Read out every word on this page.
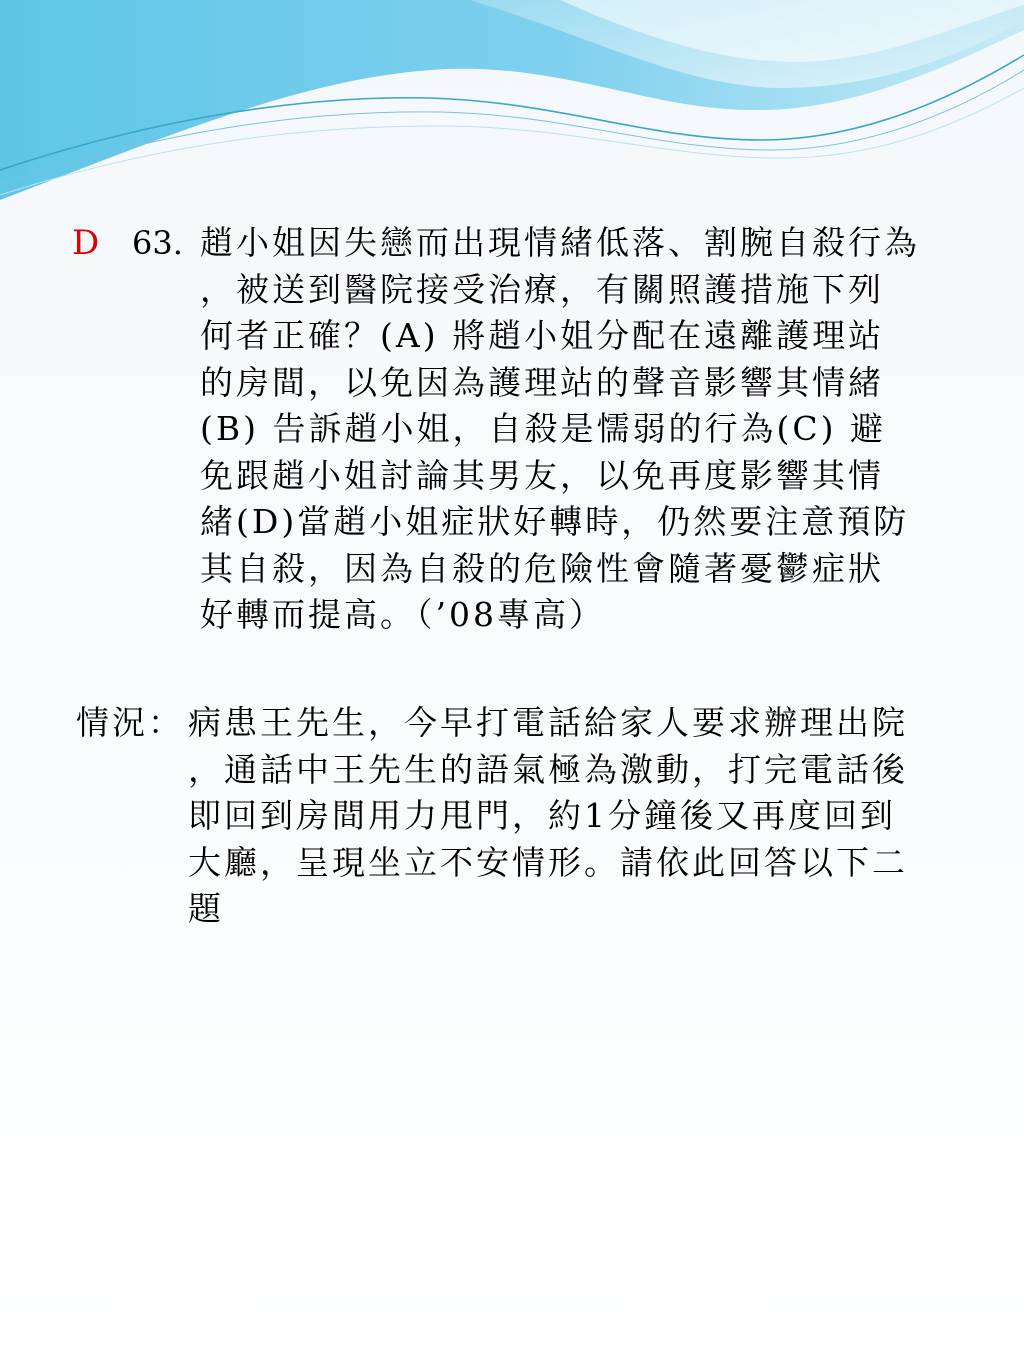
D 63. 趙小姐因失戀而出現情緒低落、割腕自殺行為
，被送到醫院接受治療，有關照護措施下列
何者正確？(A) 將趙小姐分配在遠離護理站
的房間，以免因為護理站的聲音影響其情緒
(B) 告訴趙小姐，自殺是懦弱的行為(C) 避
免跟趙小姐討論其男友，以免再度影響其情
緒(D)當趙小姐症狀好轉時，仍然要注意預防
其自殺，因為自殺的危險性會隨著憂鬱症狀
好轉而提高。（’08專高）
情況： 病患王先生，今早打電話給家人要求辦理出院
，通話中王先生的語氣極為激動，打完電話後
即回到房間用力甩門，約1分鐘後又再度回到
大廳，呈現坐立不安情形。請依此回答以下二
題
